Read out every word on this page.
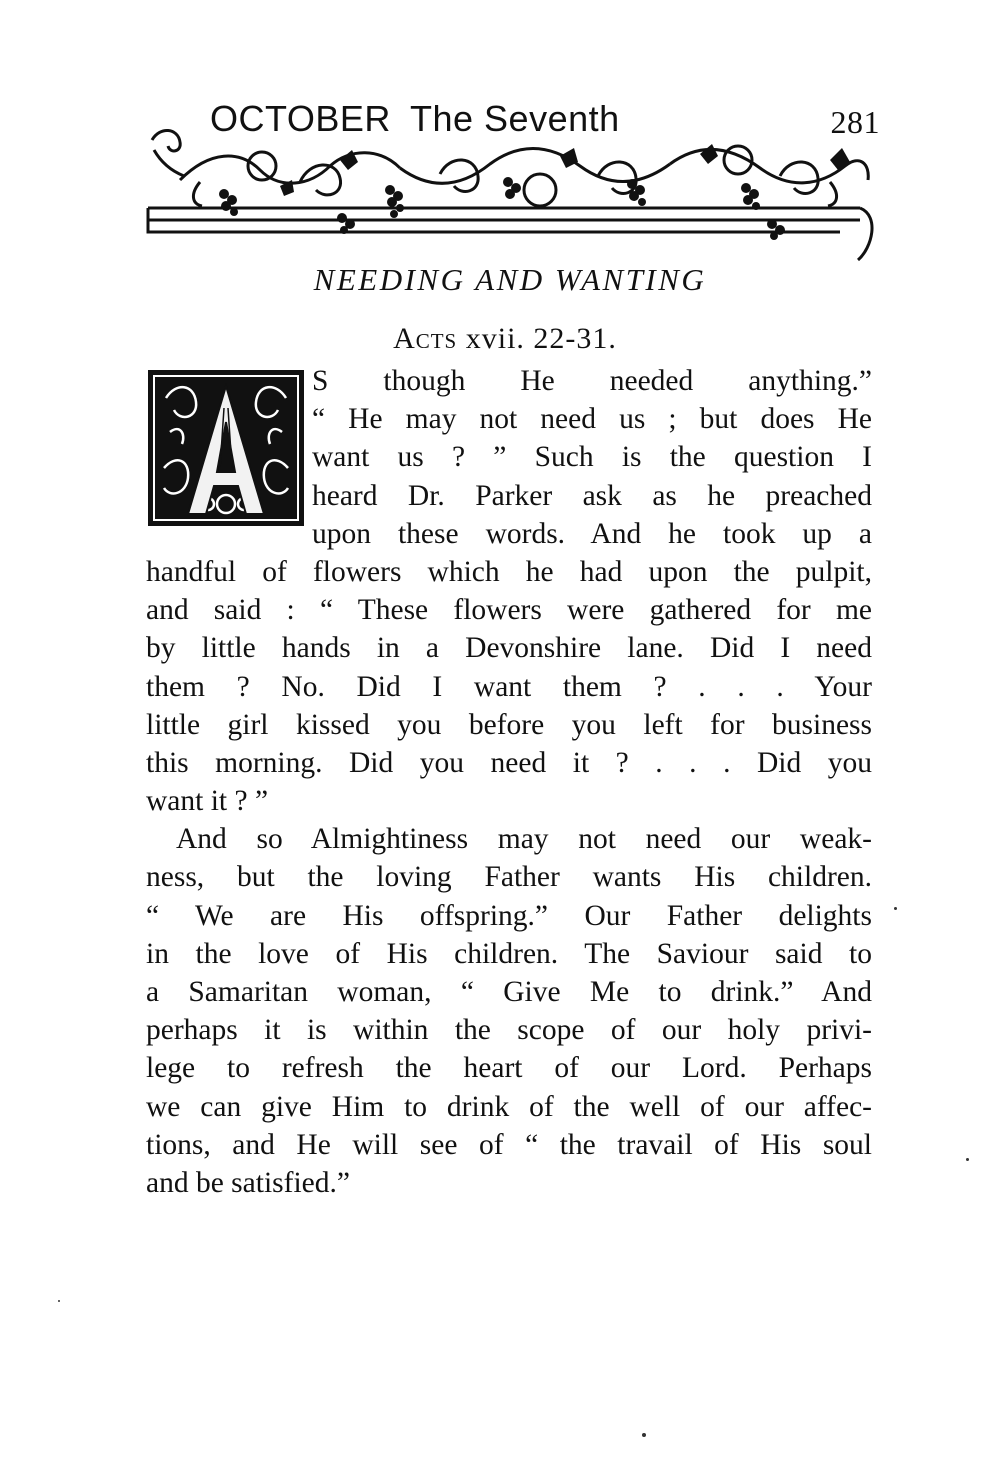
OCTOBER The Seventh	281
NEEDING AND WANTING
Acts xvii. 22-31.
S though He needed anything.”
“ He may not need us ; but does He
want us ? ” Such is the question I
heard Dr. Parker ask as he preached
upon these words. And he took up a
handful of flowers which he had upon the pulpit,
and said : “ These flowers were gathered for me
by little hands in a Devonshire lane. Did I need
them ? No. Did I want them ? . . . Your
little girl kissed you before you left for business
this morning. Did you need it ? . . . Did you
want it ? ”
And so Almightiness may not need our weak-
ness, but the loving Father wants His children.
“ We are His offspring.” Our Father delights
in the love of His children. The Saviour said to
a Samaritan woman, “ Give Me to drink.” And
perhaps it is within the scope of our holy privi-
lege to refresh the heart of our Lord. Perhaps
we can give Him to drink of the well of our affec-
tions, and He will see of “ the travail of His soul
and be satisfied.”
